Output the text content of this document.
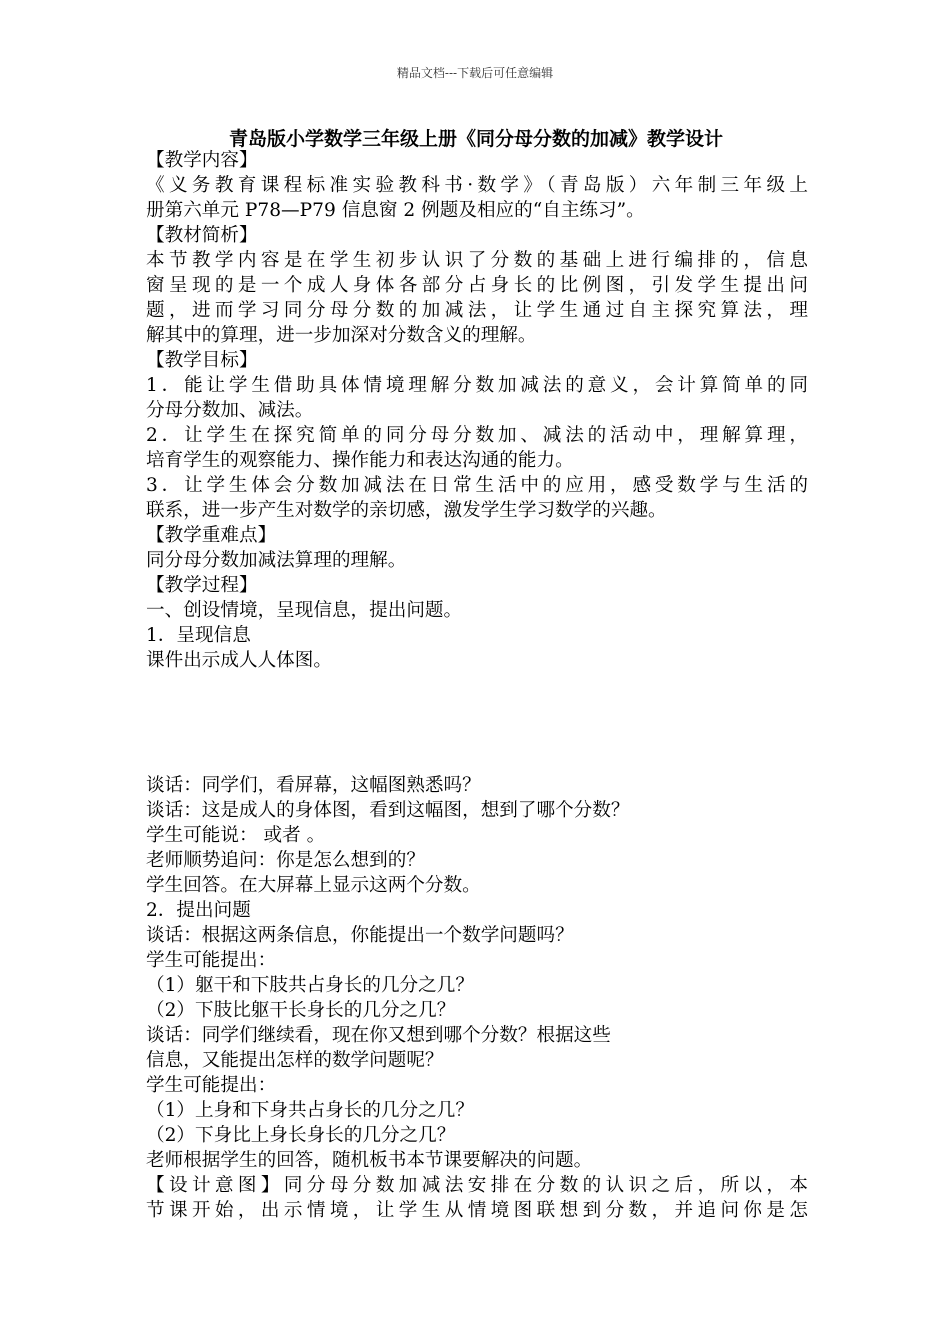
精品文档---下载后可任意编辑
青岛版小学数学三年级上册《同分母分数的加减》教学设计
【教学内容】
《义务教育课程标准实验教科书·数学》（青岛版）六年制三年级上
册第六单元 P78—P79 信息窗 2 例题及相应的“自主练习”。
【教材简析】
本节教学内容是在学生初步认识了分数的基础上进行编排的，信息
窗呈现的是一个成人身体各部分占身长的比例图，引发学生提出问
题，进而学习同分母分数的加减法，让学生通过自主探究算法，理
解其中的算理，进一步加深对分数含义的理解。
【教学目标】
1．能让学生借助具体情境理解分数加减法的意义，会计算简单的同
分母分数加、减法。
2．让学生在探究简单的同分母分数加、减法的活动中，理解算理，
培育学生的观察能力、操作能力和表达沟通的能力。
3．让学生体会分数加减法在日常生活中的应用，感受数学与生活的
联系，进一步产生对数学的亲切感，激发学生学习数学的兴趣。
【教学重难点】
同分母分数加减法算理的理解。
【教学过程】
一、创设情境，呈现信息，提出问题。
1．呈现信息
课件出示成人人体图。
谈话：同学们，看屏幕，这幅图熟悉吗？
谈话：这是成人的身体图，看到这幅图，想到了哪个分数？
学生可能说： 或者 。
老师顺势追问：你是怎么想到的？
学生回答。在大屏幕上显示这两个分数。
2．提出问题
谈话：根据这两条信息，你能提出一个数学问题吗？
学生可能提出：
（1）躯干和下肢共占身长的几分之几？
（2）下肢比躯干长身长的几分之几？
谈话：同学们继续看，现在你又想到哪个分数？根据这些
信息，又能提出怎样的数学问题呢？
学生可能提出：
（1）上身和下身共占身长的几分之几？
（2）下身比上身长身长的几分之几？
老师根据学生的回答，随机板书本节课要解决的问题。
【设计意图】同分母分数加减法安排在分数的认识之后，所以，本
节课开始，出示情境，让学生从情境图联想到分数，并追问你是怎
